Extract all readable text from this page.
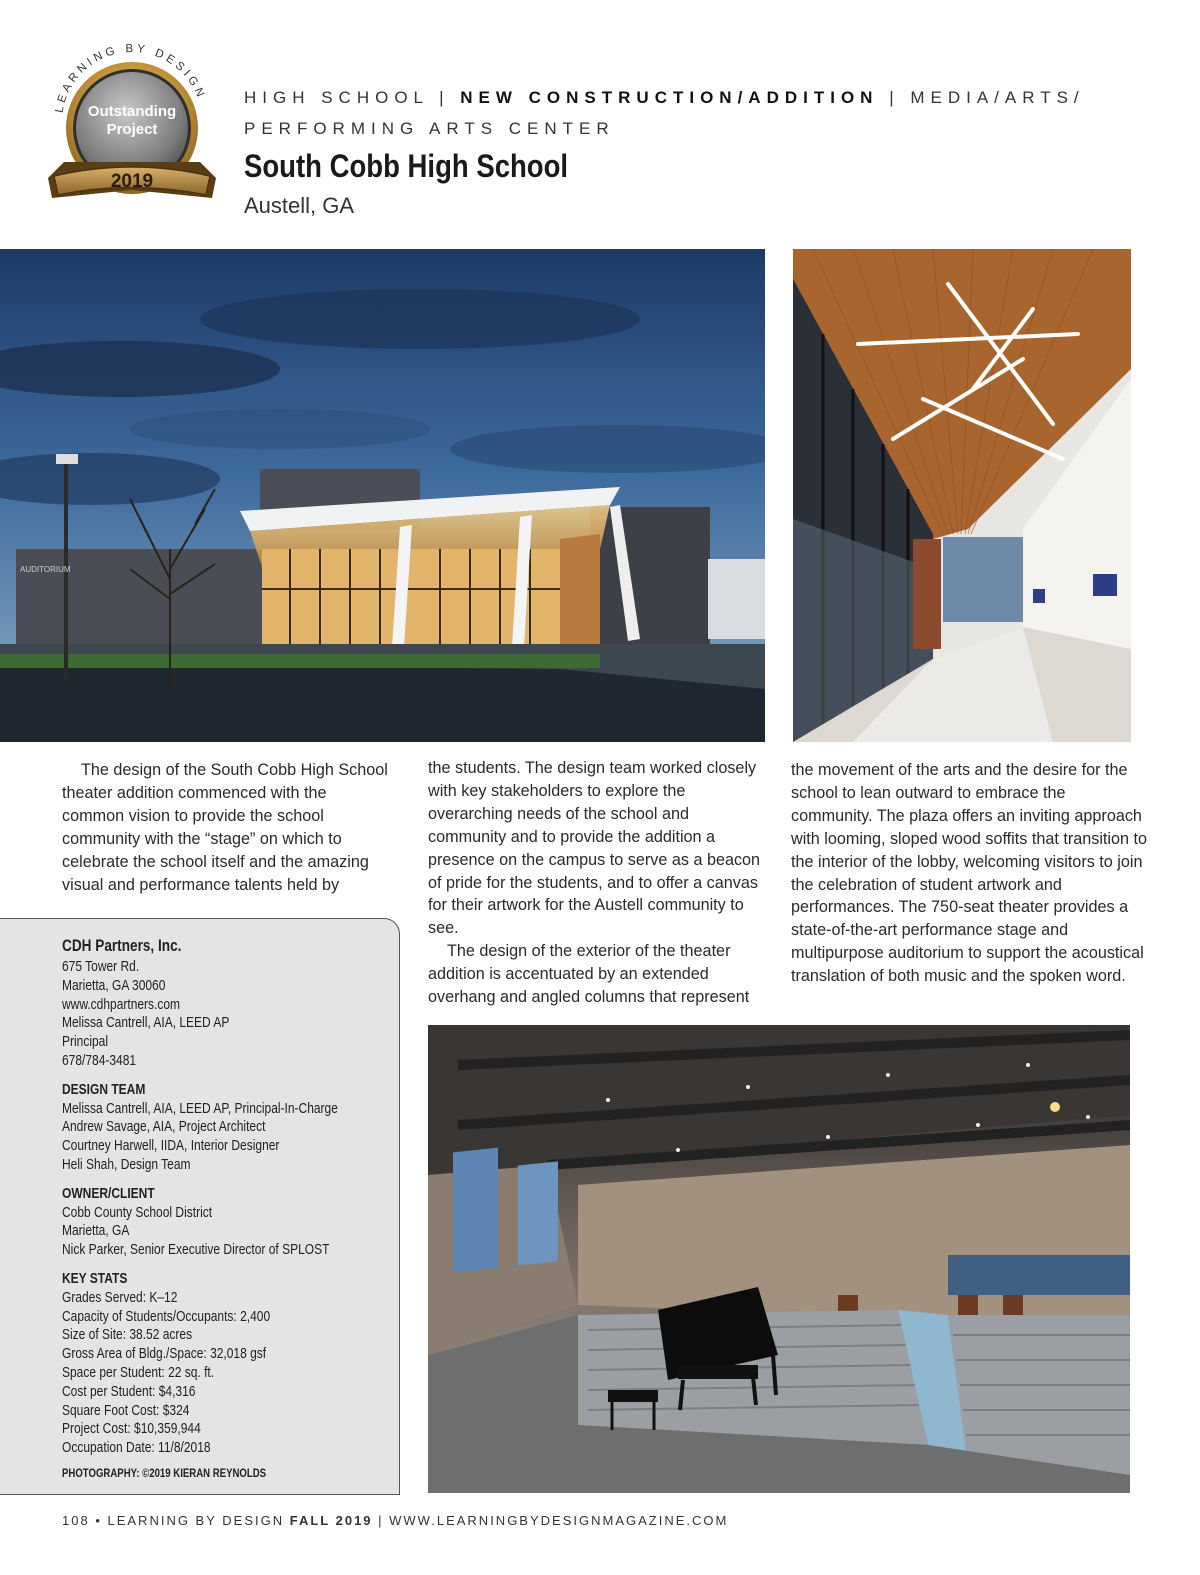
LEARNING BY DESIGN
Outstanding
Project
2019
HIGH SCHOOL | NEW CONSTRUCTION/ADDITION | MEDIA/ARTS/
PERFORMING ARTS CENTER
South Cobb High School
Austell, GA
AUDITORIUM

The design of the South Cobb High School theater addition commenced with the common vision to provide the school community with the “stage” on which to celebrate the school itself and the amazing visual and performance talents held by

the students. The design team worked closely with key stakeholders to explore the overarching needs of the school and community and to provide the addition a presence on the campus to serve as a beacon of pride for the students, and to offer a canvas for their artwork for the Austell community to see.

The design of the exterior of the theater addition is accentuated by an extended overhang and angled columns that represent

the movement of the arts and the desire for the school to lean outward to embrace the community. The plaza offers an inviting approach with looming, sloped wood soffits that transition to the interior of the lobby, welcoming visitors to join the celebration of student artwork and performances. The 750-seat theater provides a state-of-the-art performance stage and multipurpose auditorium to support the acoustical translation of both music and the spoken word.

CDH Partners, Inc.
675 Tower Rd.
Marietta, GA 30060
www.cdhpartners.com
Melissa Cantrell, AIA, LEED AP
Principal
678/784-3481
DESIGN TEAM
Melissa Cantrell, AIA, LEED AP, Principal-In-Charge
Andrew Savage, AIA, Project Architect
Courtney Harwell, IIDA, Interior Designer
Heli Shah, Design Team
OWNER/CLIENT
Cobb County School District
Marietta, GA
Nick Parker, Senior Executive Director of SPLOST
KEY STATS
Grades Served: K–12
Capacity of Students/Occupants: 2,400
Size of Site: 38.52 acres
Gross Area of Bldg./Space: 32,018 gsf
Space per Student: 22 sq. ft.
Cost per Student: $4,316
Square Foot Cost: $324
Project Cost: $10,359,944
Occupation Date: 11/8/2018
PHOTOGRAPHY: ©2019 KIERAN REYNOLDS
108 • LEARNING BY DESIGN FALL 2019 | WWW.LEARNINGBYDESIGNMAGAZINE.COM
